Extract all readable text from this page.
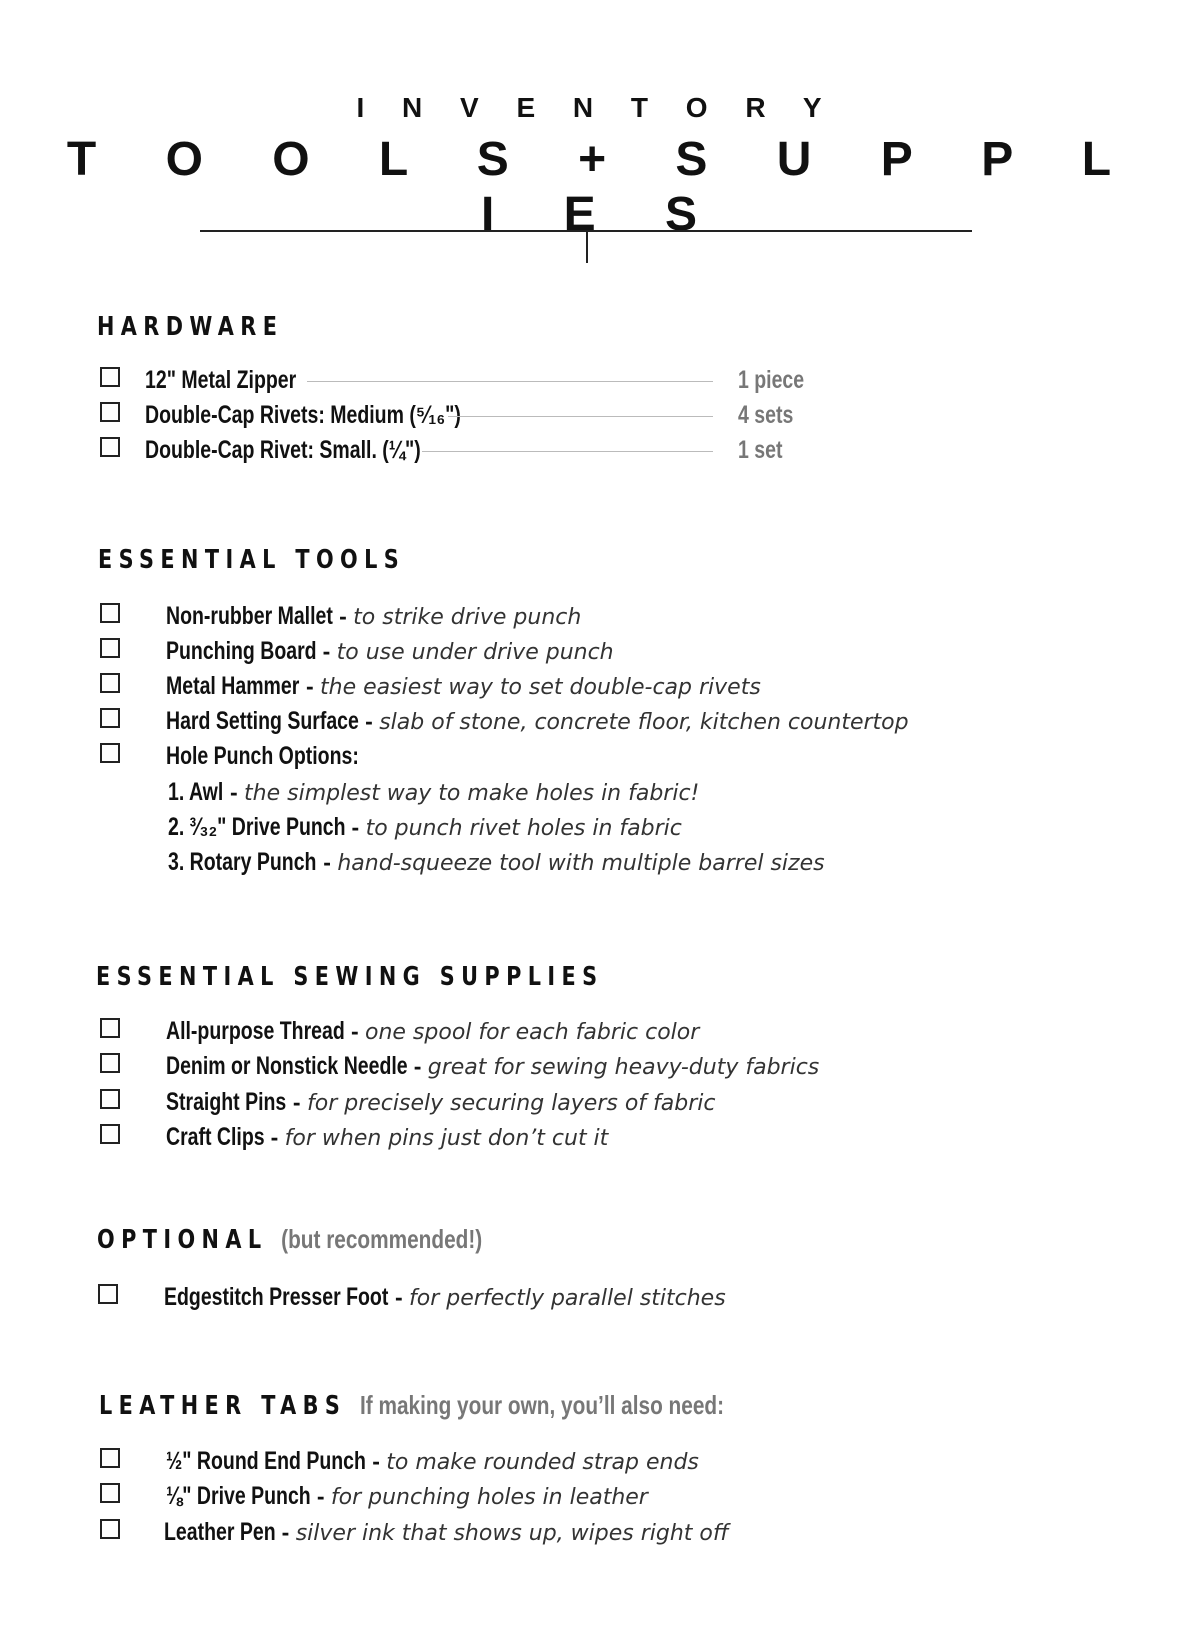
I N V E N T O R Y
T O O L S + S U P P L I E S
HARDWARE
12" Metal Zipper	1 piece
Double-Cap Rivets: Medium (⁵⁄₁₆")	4 sets
Double-Cap Rivet: Small. (¼")	1 set
ESSENTIAL TOOLS
Non-rubber Mallet - to strike drive punch
Punching Board - to use under drive punch
Metal Hammer - the easiest way to set double-cap rivets
Hard Setting Surface - slab of stone, concrete floor, kitchen countertop
Hole Punch Options:
1. Awl - the simplest way to make holes in fabric!
2. ³⁄₃₂" Drive Punch - to punch rivet holes in fabric
3. Rotary Punch - hand-squeeze tool with multiple barrel sizes
ESSENTIAL SEWING SUPPLIES
All-purpose Thread - one spool for each fabric color
Denim or Nonstick Needle - great for sewing heavy-duty fabrics
Straight Pins - for precisely securing layers of fabric
Craft Clips - for when pins just don’t cut it
OPTIONAL (but recommended!)
Edgestitch Presser Foot - for perfectly parallel stitches
LEATHER TABS If making your own, you’ll also need:
½" Round End Punch - to make rounded strap ends
⅛" Drive Punch - for punching holes in leather
Leather Pen - silver ink that shows up, wipes right off
